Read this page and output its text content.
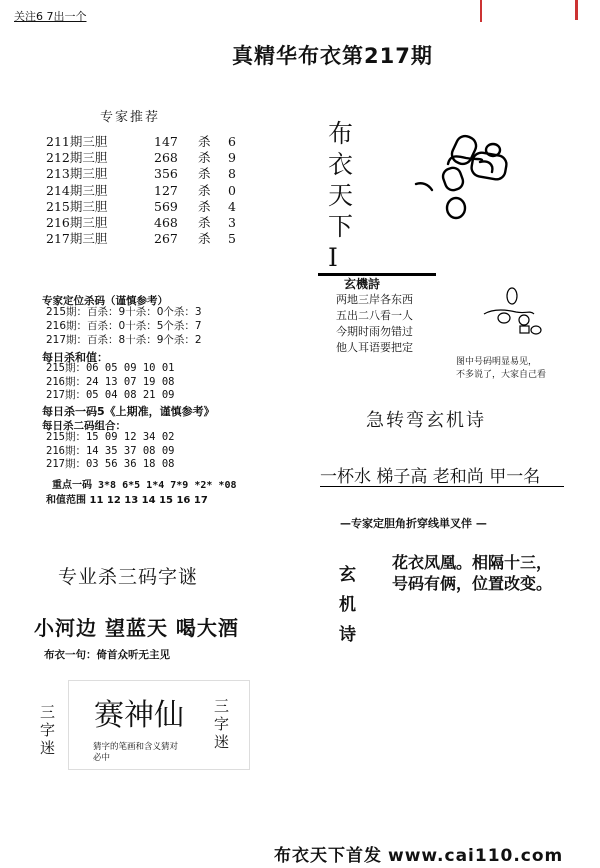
关注6 7出一个
真精华布衣第217期
专家推荐
211期三胆	147 杀 6
212期三胆	268 杀 9
213期三胆	356 杀 8
214期三胆	127 杀 0
215期三胆	569 杀 4
216期三胆	468 杀 3
217期三胆	267 杀 5
专家定位杀码（谨慎参考）
215期：百杀：9十杀：0个杀：3
216期：百杀：0十杀：5个杀：7
217期：百杀：8十杀：9个杀：2
每日杀和值：
215期：06 05 09 10 01
216期：24 13 07 19 08
217期：05 04 08 21 09
每日杀一码5《上期准，谨慎参考》
每日杀二码组合：
215期：15 09 12 34 02
216期：14 35 37 08 09
217期：03 56 36 18 08
重点一码 3*8 6*5 1*4 7*9 *2* *08
和值范围 11 12 13 14 15 16 17
专业杀三码字谜
小河边 望蓝天 喝大酒
布衣一句：倚首众听无主见
三字迷
三字迷
赛神仙
猜字的笔画和含义猜对必中
布衣天下Ⅰ
玄機詩
两地三岸各东西
五出二八看一人
今期时雨勿错过
他人耳语要把定
图中号码明显易见，
不多说了，大家自己看
急转弯玄机诗
一杯水 梯子高 老和尚 甲一名
—专家定胆角折穿线単叉伴 —
玄机诗
花衣凤凰。相隔十三，
号码有俩，位置改变。
布衣天下首发 www.cai110.com
